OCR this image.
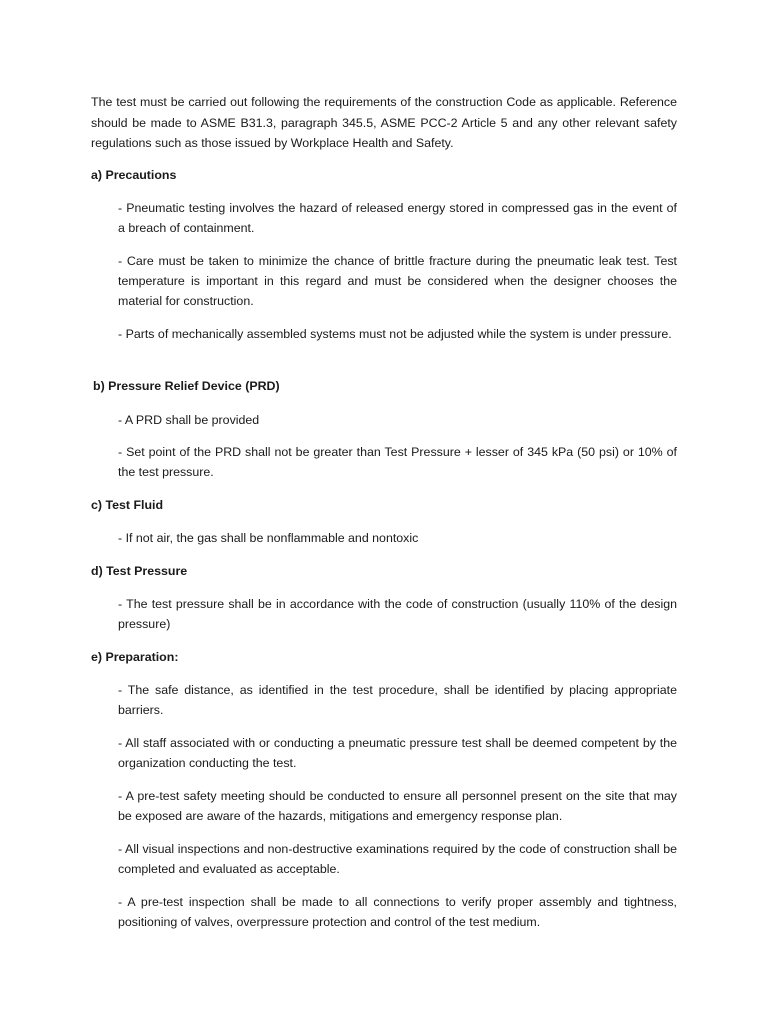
The test must be carried out following the requirements of the construction Code as applicable. Reference should be made to ASME B31.3, paragraph 345.5, ASME PCC-2 Article 5 and any other relevant safety regulations such as those issued by Workplace Health and Safety.

a) Precautions

- Pneumatic testing involves the hazard of released energy stored in compressed gas in the event of a breach of containment.

- Care must be taken to minimize the chance of brittle fracture during the pneumatic leak test. Test temperature is important in this regard and must be considered when the designer chooses the material for construction.

- Parts of mechanically assembled systems must not be adjusted while the system is under pressure.

b) Pressure Relief Device (PRD)

- A PRD shall be provided

- Set point of the PRD shall not be greater than Test Pressure + lesser of 345 kPa (50 psi) or 10% of the test pressure.

c) Test Fluid

- If not air, the gas shall be nonflammable and nontoxic

d) Test Pressure

- The test pressure shall be in accordance with the code of construction (usually 110% of the design pressure)

e) Preparation:

- The safe distance, as identified in the test procedure, shall be identified by placing appropriate barriers.

- All staff associated with or conducting a pneumatic pressure test shall be deemed competent by the organization conducting the test.

- A pre-test safety meeting should be conducted to ensure all personnel present on the site that may be exposed are aware of the hazards, mitigations and emergency response plan.

- All visual inspections and non-destructive examinations required by the code of construction shall be completed and evaluated as acceptable.

- A pre-test inspection shall be made to all connections to verify proper assembly and tightness, positioning of valves, overpressure protection and control of the test medium.
